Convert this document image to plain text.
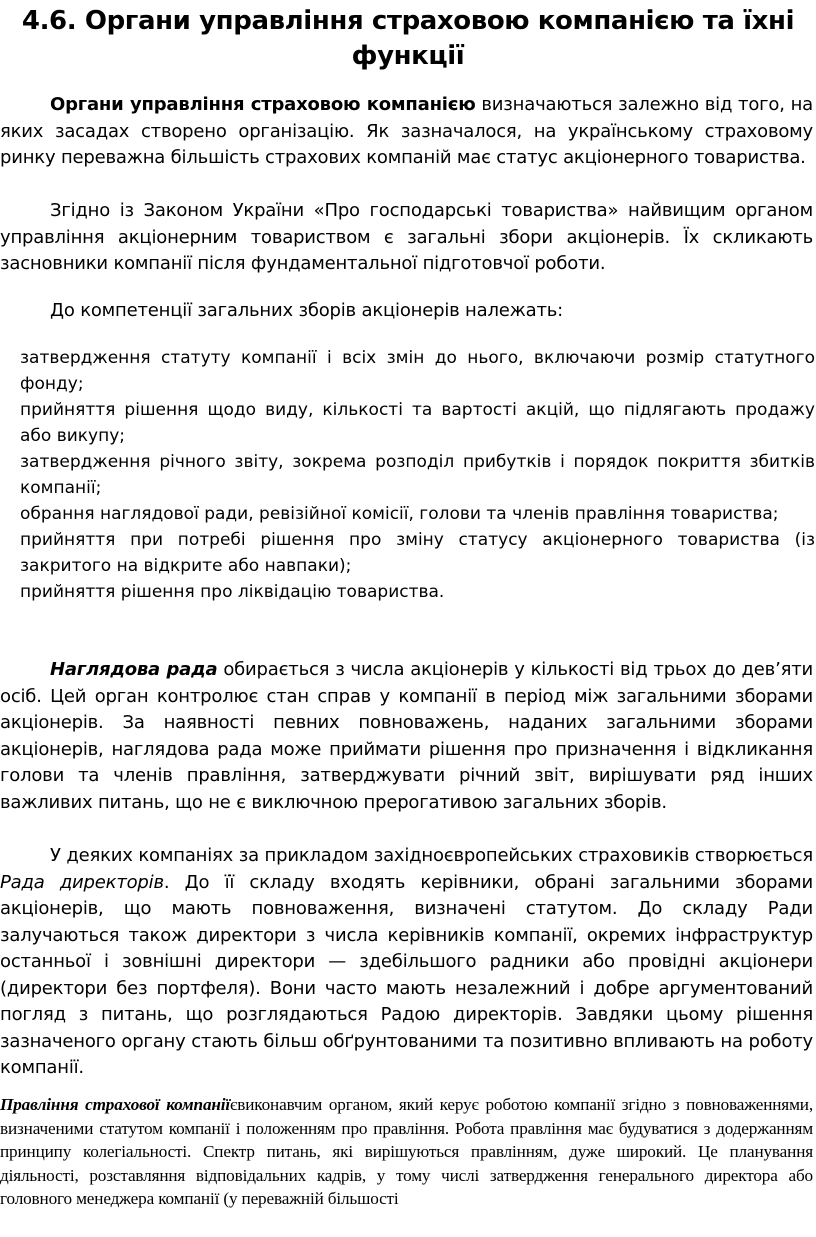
4.6. Органи управління страховою компанією та їхні функції

Органи управління страховою компанією визначаються залежно від того, на яких засадах створено організацію. Як зазначалося, на українському страховому ринку переважна більшість страхових компаній має статус акціонерного товариства.

Згідно із Законом України «Про господарські товариства» найвищим органом управління акціонерним товариством є загальні збори акціонерів. Їх скликають засновники компанії після фундаментальної підготовчої роботи.

До компетенції загальних зборів акціонерів належать:

затвердження статуту компанії і всіх змін до нього, включаючи розмір статутного фонду;
прийняття рішення щодо виду, кількості та вартості акцій, що підлягають продажу або викупу;
затвердження річного звіту, зокрема розподіл прибутків і порядок покриття збитків компанії;
обрання наглядової ради, ревізійної комісії, голови та членів правління товариства;
прийняття при потребі рішення про зміну статусу акціонерного товариства (із закритого на відкрите або навпаки);
прийняття рішення про ліквідацію товариства.

Наглядова рада обирається з числа акціонерів у кількості від трьох до дев’яти осіб. Цей орган контролює стан справ у компанії в період між загальними зборами акціонерів. За наявності певних повноважень, наданих загальними зборами акціонерів, наглядова рада може приймати рішення про призначення і відкликання голови та членів правління, затверджувати річний звіт, вирішувати ряд інших важливих питань, що не є виключною прерогативою загальних зборів.

У деяких компаніях за прикладом західноєвропейських страховиків створюється Рада директорів. До її складу входять керівники, обрані загальними зборами акціонерів, що мають повноваження, визначені статутом. До складу Ради залучаються також директори з числа керівників компанії, окремих інфраструктур останньої і зовнішні директори — здебільшого радники або провідні акціонери (директори без портфеля). Вони часто мають незалежний і добре аргументований погляд з питань, що розглядаються Радою директорів. Завдяки цьому рішення зазначеного органу стають більш обґрунтованими та позитивно впливають на роботу компанії.

Правління страхової компаніїєвиконавчим органом, який керує роботою компанії згідно з повноваженнями, визначеними статутом компанії і положенням про правління. Робота правління має будуватися з додержанням принципу колегіальності. Спектр питань, які вирішуються правлінням, дуже широкий. Це планування діяльності, розставляння відповідальних кадрів, у тому числі затвердження генерального директора або головного менеджера компанії (у переважній більшості
